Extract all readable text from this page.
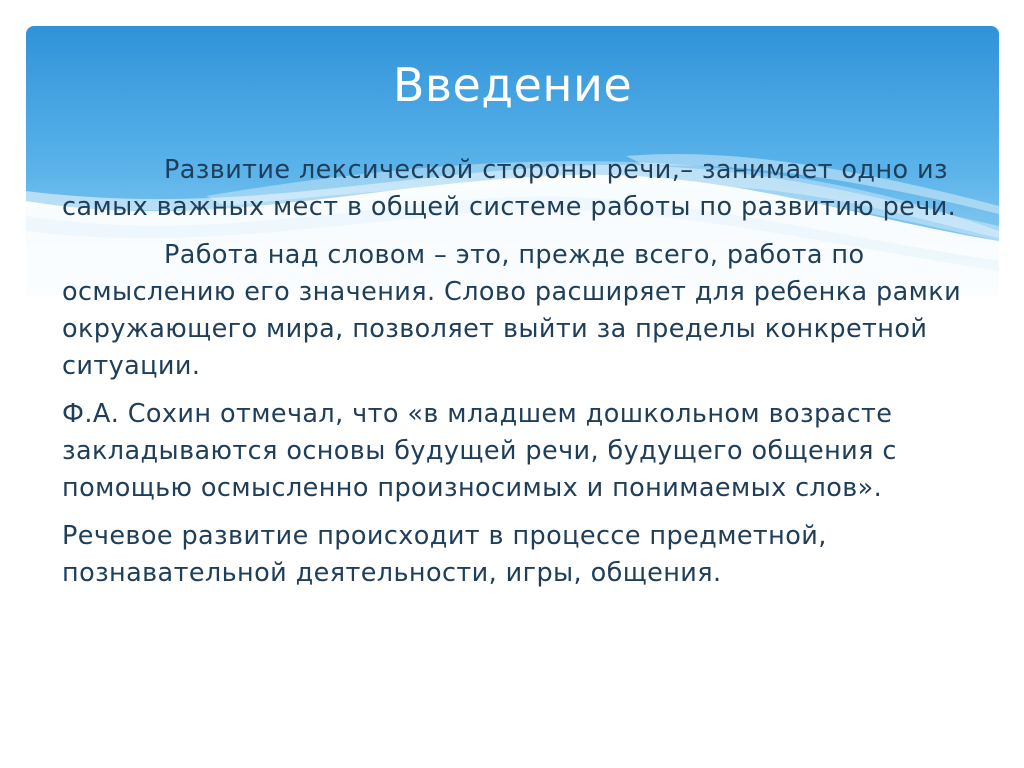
Введение

Развитие лексической стороны речи,– занимает одно из самых важных мест в общей системе работы по развитию речи.

Работа над словом – это, прежде всего, работа по осмыслению его значения. Слово расширяет для ребенка рамки окружающего мира, позволяет выйти за пределы конкретной ситуации.

Ф.А. Сохин отмечал, что «в младшем дошкольном возрасте закладываются основы будущей речи, будущего общения с помощью осмысленно произносимых и понимаемых слов».

Речевое развитие происходит в процессе предметной, познавательной деятельности, игры, общения.
